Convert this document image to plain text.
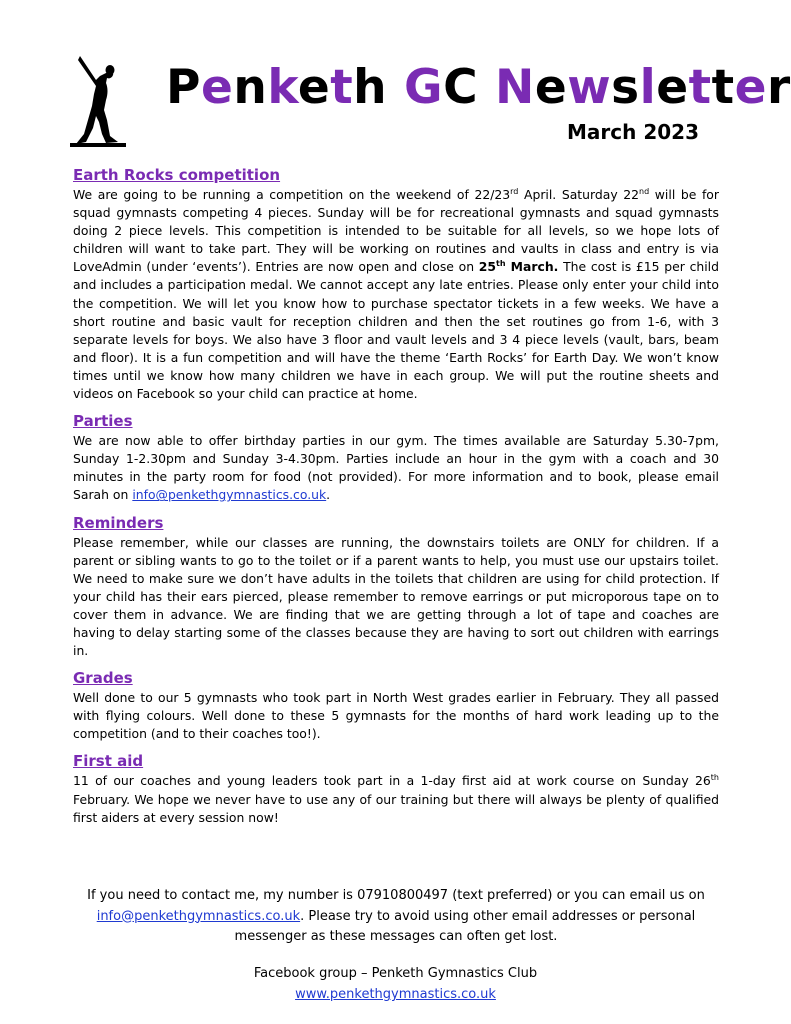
Penketh GC Newsletter
March 2023
Earth Rocks competition

We are going to be running a competition on the weekend of 22/23rd April. Saturday 22nd will be for squad gymnasts competing 4 pieces. Sunday will be for recreational gymnasts and squad gymnasts doing 2 piece levels. This competition is intended to be suitable for all levels, so we hope lots of children will want to take part. They will be working on routines and vaults in class and entry is via LoveAdmin (under ‘events’). Entries are now open and close on 25th March. The cost is £15 per child and includes a participation medal. We cannot accept any late entries. Please only enter your child into the competition. We will let you know how to purchase spectator tickets in a few weeks. We have a short routine and basic vault for reception children and then the set routines go from 1-6, with 3 separate levels for boys. We also have 3 floor and vault levels and 3 4 piece levels (vault, bars, beam and floor). It is a fun competition and will have the theme ‘Earth Rocks’ for Earth Day. We won’t know times until we know how many children we have in each group. We will put the routine sheets and videos on Facebook so your child can practice at home.

Parties

We are now able to offer birthday parties in our gym. The times available are Saturday 5.30-7pm, Sunday 1-2.30pm and Sunday 3-4.30pm. Parties include an hour in the gym with a coach and 30 minutes in the party room for food (not provided). For more information and to book, please email Sarah on info@penkethgymnastics.co.uk.

Reminders

Please remember, while our classes are running, the downstairs toilets are ONLY for children. If a parent or sibling wants to go to the toilet or if a parent wants to help, you must use our upstairs toilet. We need to make sure we don’t have adults in the toilets that children are using for child protection. If your child has their ears pierced, please remember to remove earrings or put microporous tape on to cover them in advance. We are finding that we are getting through a lot of tape and coaches are having to delay starting some of the classes because they are having to sort out children with earrings in.

Grades

Well done to our 5 gymnasts who took part in North West grades earlier in February. They all passed with flying colours. Well done to these 5 gymnasts for the months of hard work leading up to the competition (and to their coaches too!).

First aid

11 of our coaches and young leaders took part in a 1-day first aid at work course on Sunday 26th February. We hope we never have to use any of our training but there will always be plenty of qualified first aiders at every session now!

If you need to contact me, my number is 07910800497 (text preferred) or you can email us on
info@penkethgymnastics.co.uk. Please try to avoid using other email addresses or personal messenger as these messages can often get lost.
Facebook group – Penketh Gymnastics Club
www.penkethgymnastics.co.uk
